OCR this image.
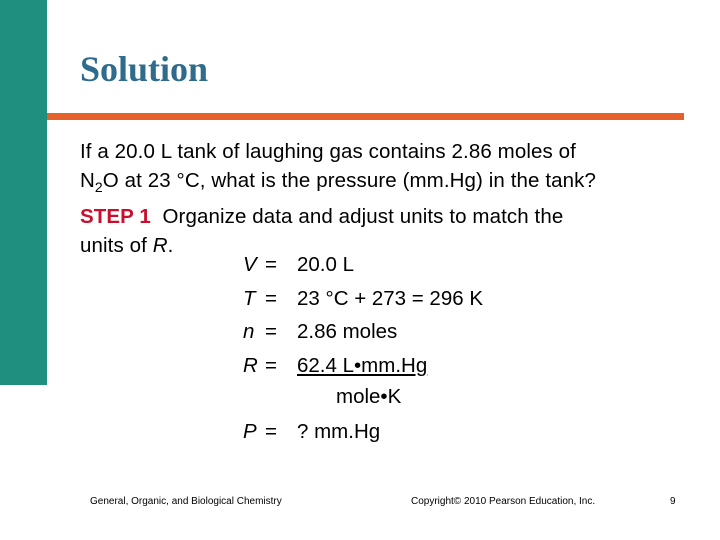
Solution

If a 20.0 L tank of laughing gas contains 2.86 moles of

$N_2O$ at 23 °C, what is the pressure (mm.Hg) in the tank?

STEP 1  Organize data and adjust units to match the

units of R.

V = 20.0 L
T = 23 °C + 273 = 296 K
n = 2.86 moles
R = 62.4 L•mm.Hg
mole•K
P = ? mm.Hg
General, Organic, and Biological Chemistry	Copyright© 2010 Pearson Education, Inc.	9
